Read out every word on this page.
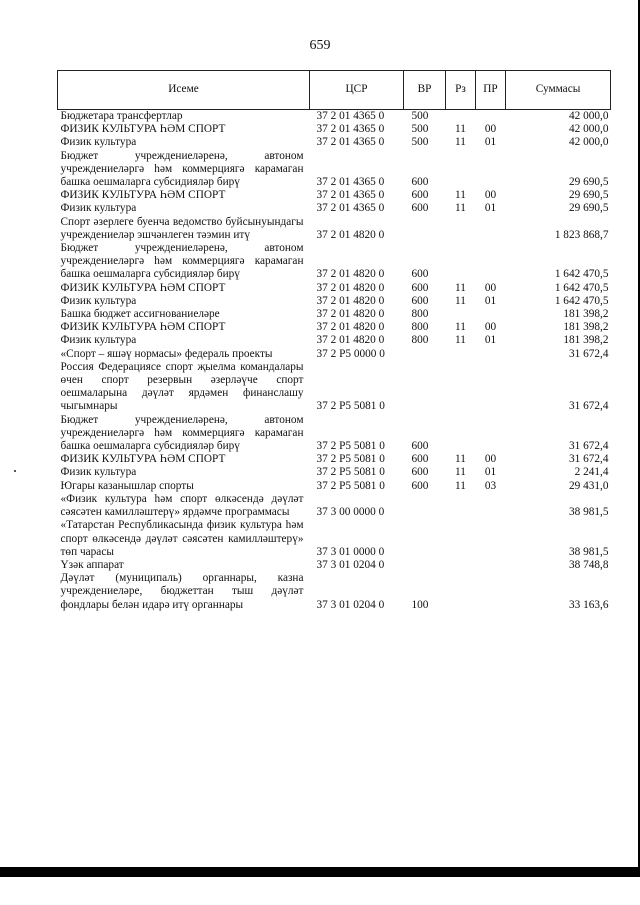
659
Исеме	ЦСР	ВР	Рз	ПР	Суммасы
Бюджетара трансфертлар	37 2 01 4365 0	500			42 000,0
ФИЗИК КУЛЬТУРА ҺӘМ СПОРТ	37 2 01 4365 0	500	11	00	42 000,0
Физик культура	37 2 01 4365 0	500	11	01	42 000,0
Бюджет учреждениеләренә, автоном учреждениеләргә һәм коммерциягә карамаган башка оешмаларга субсидияләр бирү	37 2 01 4365 0	600			29 690,5
ФИЗИК КУЛЬТУРА ҺӘМ СПОРТ	37 2 01 4365 0	600	11	00	29 690,5
Физик культура	37 2 01 4365 0	600	11	01	29 690,5
Спорт әзерлеге буенча ведомство буйсынуындагы учреждениеләр эшчәнлеген тәэмин итү	37 2 01 4820 0				1 823 868,7
Бюджет учреждениеләренә, автоном учреждениеләргә һәм коммерциягә карамаган башка оешмаларга субсидияләр бирү	37 2 01 4820 0	600			1 642 470,5
ФИЗИК КУЛЬТУРА ҺӘМ СПОРТ	37 2 01 4820 0	600	11	00	1 642 470,5
Физик культура	37 2 01 4820 0	600	11	01	1 642 470,5
Башка бюджет ассигнованиеләре	37 2 01 4820 0	800			181 398,2
ФИЗИК КУЛЬТУРА ҺӘМ СПОРТ	37 2 01 4820 0	800	11	00	181 398,2
Физик культура	37 2 01 4820 0	800	11	01	181 398,2
«Спорт – яшәү нормасы» федераль проекты	37 2 P5 0000 0				31 672,4
Россия Федерациясе спорт җыелма командалары өчен спорт резервын әзерләүче спорт оешмаларына дәүләт ярдәмен финанслашу чыгымнары	37 2 P5 5081 0				31 672,4
Бюджет учреждениеләренә, автоном учреждениеләргә һәм коммерциягә карамаган башка оешмаларга субсидияләр бирү	37 2 P5 5081 0	600			31 672,4
ФИЗИК КУЛЬТУРА ҺӘМ СПОРТ	37 2 P5 5081 0	600	11	00	31 672,4
Физик культура	37 2 P5 5081 0	600	11	01	2 241,4
Югары казанышлар спорты	37 2 P5 5081 0	600	11	03	29 431,0
«Физик культура һәм спорт өлкәсендә дәүләт сәясәтен камилләштерү» ярдәмче программасы	37 3 00 0000 0				38 981,5
«Татарстан Республикасында физик культура һәм спорт өлкәсендә дәүләт сәясәтен камилләштерү» төп чарасы	37 3 01 0000 0				38 981,5
Үзәк аппарат	37 3 01 0204 0				38 748,8
Дәүләт (муниципаль) органнары, казна учреждениеләре, бюджеттан тыш дәүләт фондлары белән идарә итү органнары	37 3 01 0204 0	100			33 163,6
